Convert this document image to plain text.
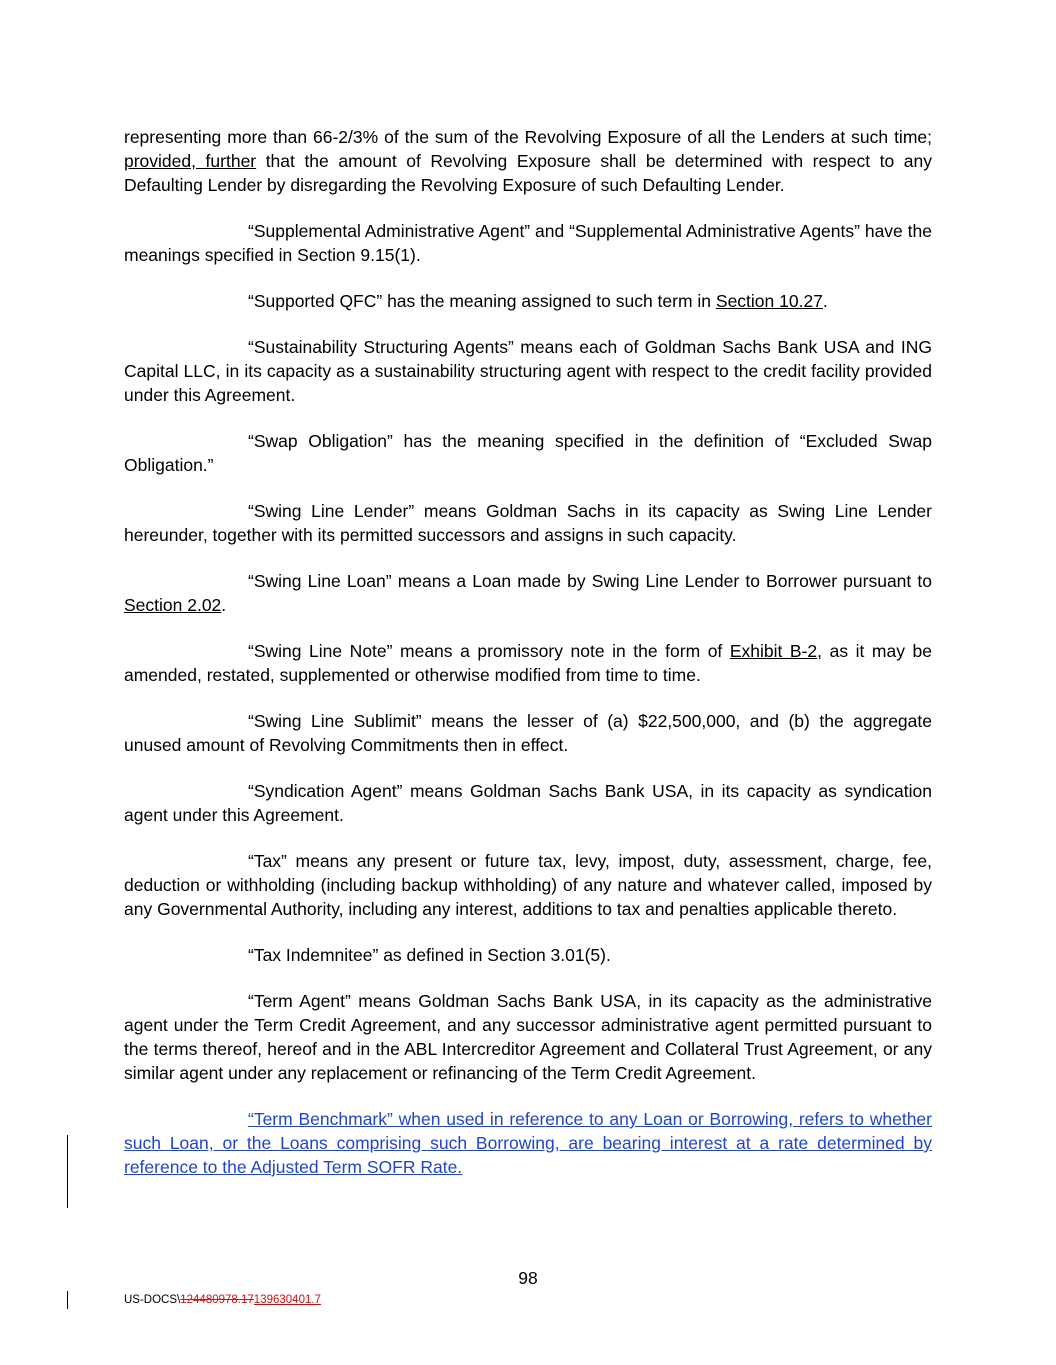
representing more than 66-2/3% of the sum of the Revolving Exposure of all the Lenders at such time; provided, further that the amount of Revolving Exposure shall be determined with respect to any Defaulting Lender by disregarding the Revolving Exposure of such Defaulting Lender.

“Supplemental Administrative Agent” and “Supplemental Administrative Agents” have the meanings specified in Section 9.15(1).

“Supported QFC” has the meaning assigned to such term in Section 10.27.

“Sustainability Structuring Agents” means each of Goldman Sachs Bank USA and ING Capital LLC, in its capacity as a sustainability structuring agent with respect to the credit facility provided under this Agreement.

“Swap Obligation” has the meaning specified in the definition of “Excluded Swap Obligation.”

“Swing Line Lender” means Goldman Sachs in its capacity as Swing Line Lender hereunder, together with its permitted successors and assigns in such capacity.

“Swing Line Loan” means a Loan made by Swing Line Lender to Borrower pursuant to Section 2.02.

“Swing Line Note” means a promissory note in the form of Exhibit B-2, as it may be amended, restated, supplemented or otherwise modified from time to time.

“Swing Line Sublimit” means the lesser of (a) $22,500,000, and (b) the aggregate unused amount of Revolving Commitments then in effect.

“Syndication Agent” means Goldman Sachs Bank USA, in its capacity as syndication agent under this Agreement.

“Tax” means any present or future tax, levy, impost, duty, assessment, charge, fee, deduction or withholding (including backup withholding) of any nature and whatever called, imposed by any Governmental Authority, including any interest, additions to tax and penalties applicable thereto.

“Tax Indemnitee” as defined in Section 3.01(5).

“Term Agent” means Goldman Sachs Bank USA, in its capacity as the administrative agent under the Term Credit Agreement, and any successor administrative agent permitted pursuant to the terms thereof, hereof and in the ABL Intercreditor Agreement and Collateral Trust Agreement, or any similar agent under any replacement or refinancing of the Term Credit Agreement.

“Term Benchmark” when used in reference to any Loan or Borrowing, refers to whether such Loan, or the Loans comprising such Borrowing, are bearing interest at a rate determined by reference to the Adjusted Term SOFR Rate.

98
US-DOCS\124480978.17139630401.7
